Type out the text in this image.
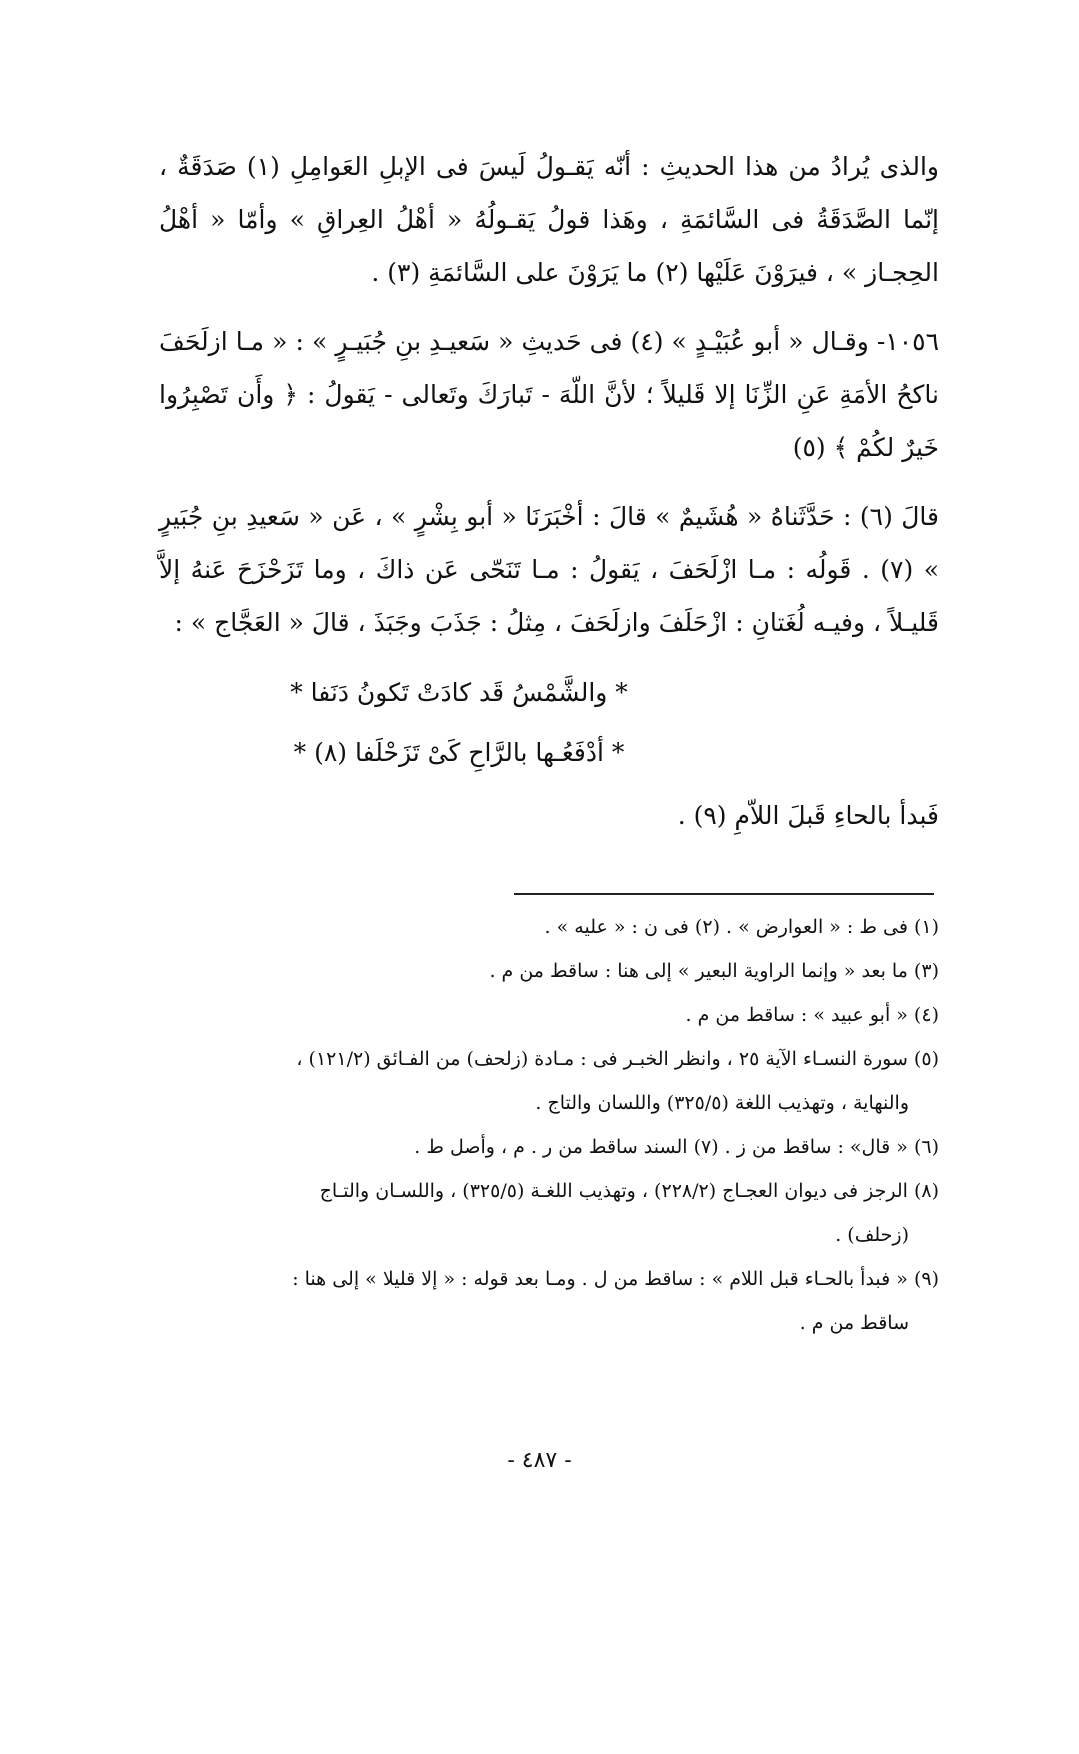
والذى يُرادُ من هذا الحديثِ : أنّه يَقـولُ لَيسَ فى الإبلِ العَوامِلِ (١) صَدَقَةٌ ، إنّما الصَّدَقَةُ فى السَّائمَةِ ، وهَذا قولُ يَقـولُهُ « أهْلُ العِراقِ » وأمّا « أهْلُ الحِجـاز » ، فيرَوْنَ عَلَيْها (٢) ما يَرَوْنَ على السَّائمَةِ (٣) .

١٠٥٦- وقـال « أبو عُبَيْـدٍ » (٤) فى حَديثِ « سَعيـدِ بنِ جُبَيـرٍ » : « مـا ازلَحَفَ ناكحُ الأمَةِ عَنِ الزِّنَا إلا قَليلاً ؛ لأنَّ اللّهَ - تَبارَكَ وتَعالى - يَقولُ : ﴿ وأَن تَصْبِرُوا خَيرٌ لكُمْ ﴾ (٥)

قالَ (٦) : حَدَّثَناهُ « هُشَيمٌ » قالَ : أخْبَرَنَا « أبو بِشْرٍ » ، عَن « سَعيدِ بنِ جُبَيرٍ » (٧) . قَولُه : مـا ازْلَحَفَ ، يَقولُ : مـا تَنَحّى عَن ذاكَ ، وما تَزَحْزَحَ عَنهُ إلاَّ قَليـلاً ، وفيـه لُغَتانِ : ازْحَلَفَ وازلَحَفَ ، مِثلُ : جَذَبَ وجَبَذَ ، قالَ « العَجَّاج » :

* والشَّمْسُ قَد كادَتْ تَكونُ دَنَفا *
* أدْفَعُـها بالرَّاحِ كَىْ تَزَحْلَفا (٨) *

فَبدأ بالحاءِ قَبلَ اللاّمِ (٩) .

(١) فى ط : « العوارض » . (٢) فى ن : « عليه » .
(٣) ما بعد « وإنما الراوية البعير » إلى هنا : ساقط من م .
(٤) « أبو عبيد » : ساقط من م .
(٥) سورة النسـاء الآية ٢٥ ، وانظر الخبـر فى : مـادة (زلحف) من الفـائق (١٢١/٢) ،
والنهاية ، وتهذيب اللغة (٣٢٥/٥) واللسان والتاج .
(٦) « قال» : ساقط من ز . (٧) السند ساقط من ر . م ، وأصل ط .
(٨) الرجز فى ديوان العجـاج (٢٢٨/٢) ، وتهذيب اللغـة (٣٢٥/٥) ، واللسـان والتـاج
(زحلف) .
(٩) « فبدأ بالحـاء قبل اللام » : ساقط من ل . ومـا بعد قوله : « إلا قليلا » إلى هنا :
ساقط من م .
- ٤٨٧ -
